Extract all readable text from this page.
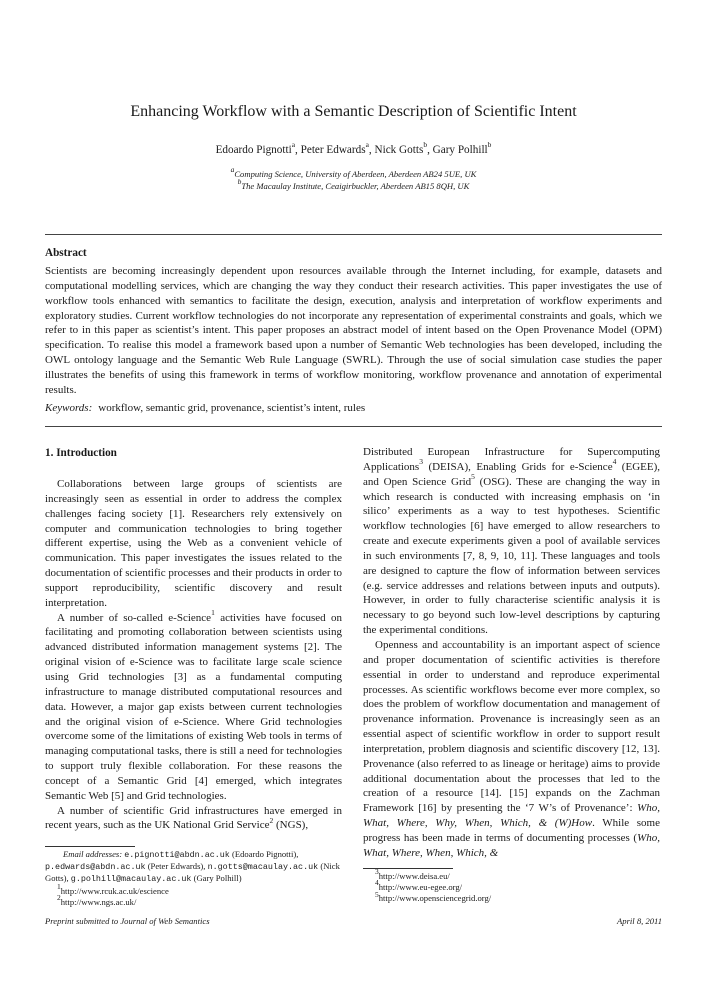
Enhancing Workflow with a Semantic Description of Scientific Intent
Edoardo Pignotti$^a$, Peter Edwards$^a$, Nick Gotts$^b$, Gary Polhill$^b$
$^a$Computing Science, University of Aberdeen, Aberdeen AB24 5UE, UK
$^b$The Macaulay Institute, Ceaigirbuckler, Aberdeen AB15 8QH, UK
Abstract
Scientists are becoming increasingly dependent upon resources available through the Internet including, for example, datasets and computational modelling services, which are changing the way they conduct their research activities. This paper investigates the use of workflow tools enhanced with semantics to facilitate the design, execution, analysis and interpretation of workflow experiments and exploratory studies. Current workflow technologies do not incorporate any representation of experimental constraints and goals, which we refer to in this paper as scientist’s intent. This paper proposes an abstract model of intent based on the Open Provenance Model (OPM) specification. To realise this model a framework based upon a number of Semantic Web technologies has been developed, including the OWL ontology language and the Semantic Web Rule Language (SWRL). Through the use of social simulation case studies the paper illustrates the benefits of using this framework in terms of workflow monitoring, workflow provenance and annotation of experimental results.
Keywords: workflow, semantic grid, provenance, scientist’s intent, rules
1. Introduction

Collaborations between large groups of scientists are increasingly seen as essential in order to address the complex challenges facing society [1]. Researchers rely extensively on computer and communication technologies to bring together different expertise, using the Web as a convenient vehicle of communication. This paper investigates the issues related to the documentation of scientific processes and their products in order to support reproducibility, scientific discovery and result interpretation.

A number of so-called e-Science$^1$ activities have focused on facilitating and promoting collaboration between scientists using advanced distributed information management systems [2]. The original vision of e-Science was to facilitate large scale science using Grid technologies [3] as a fundamental computing infrastructure to manage distributed computational resources and data. However, a major gap exists between current technologies and the original vision of e-Science. Where Grid technologies overcome some of the limitations of existing Web tools in terms of managing computational tasks, there is still a need for technologies to support truly flexible collaboration. For these reasons the concept of a Semantic Grid [4] emerged, which integrates Semantic Web [5] and Grid technologies.

A number of scientific Grid infrastructures have emerged in recent years, such as the UK National Grid Service$^2$ (NGS),

Distributed European Infrastructure for Supercomputing Applications$^3$ (DEISA), Enabling Grids for e-Science$^4$ (EGEE), and Open Science Grid$^5$ (OSG). These are changing the way in which research is conducted with increasing emphasis on ‘in silico’ experiments as a way to test hypotheses. Scientific workflow technologies [6] have emerged to allow researchers to create and execute experiments given a pool of available services in such environments [7, 8, 9, 10, 11]. These languages and tools are designed to capture the flow of information between services (e.g. service addresses and relations between inputs and outputs). However, in order to fully characterise scientific analysis it is necessary to go beyond such low-level descriptions by capturing the experimental conditions.

Openness and accountability is an important aspect of science and proper documentation of scientific activities is therefore essential in order to understand and reproduce experimental processes. As scientific workflows become ever more complex, so does the problem of workflow documentation and management of provenance information. Provenance is increasingly seen as an essential aspect of scientific workflow in order to support result interpretation, problem diagnosis and scientific discovery [12, 13]. Provenance (also referred to as lineage or heritage) aims to provide additional documentation about the processes that led to the creation of a resource [14]. [15] expands on the Zachman Framework [16] by presenting the ‘7 W’s of Provenance’: Who, What, Where, Why, When, Which, & (W)How. While some progress has been made in terms of documenting processes (Who, What, Where, When, Which, &

Email addresses: e.pignotti@abdn.ac.uk (Edoardo Pignotti), p.edwards@abdn.ac.uk (Peter Edwards), n.gotts@macaulay.ac.uk (Nick Gotts), g.polhill@macaulay.ac.uk (Gary Polhill)
$^1$http://www.rcuk.ac.uk/escience
$^2$http://www.ngs.ac.uk/
$^3$http://www.deisa.eu/
$^4$http://www.eu-egee.org/
$^5$http://www.opensciencegrid.org/
Preprint submitted to Journal of Web Semantics	April 8, 2011
